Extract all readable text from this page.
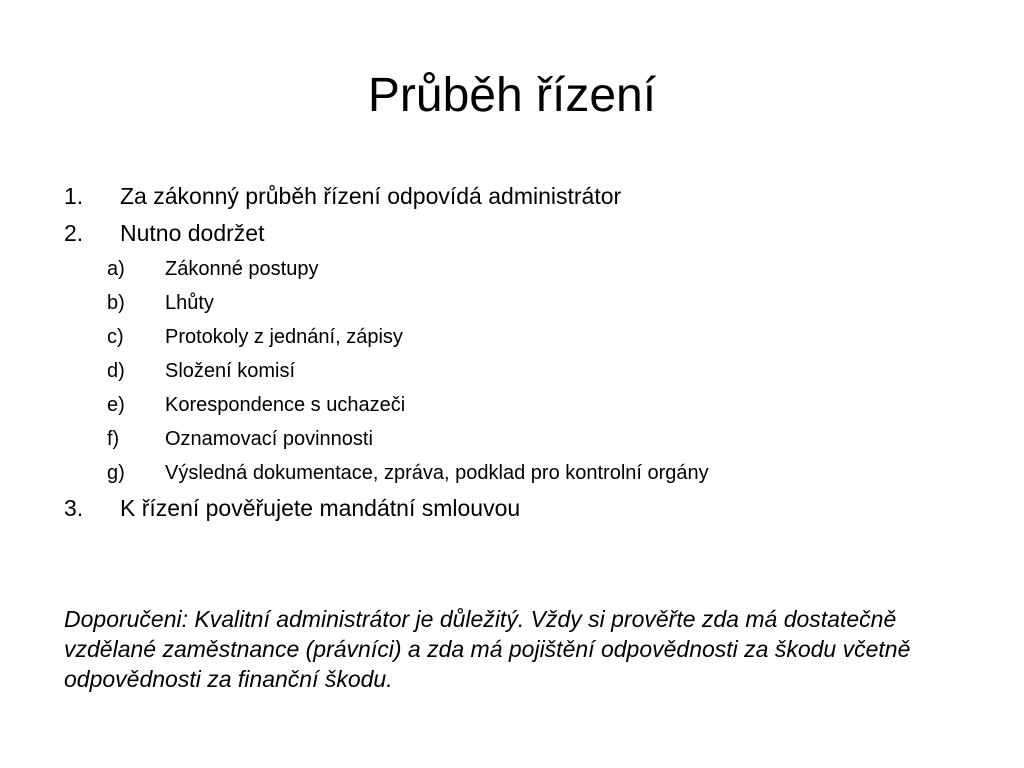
Průběh řízení
1. Za zákonný průběh řízení odpovídá administrátor
2. Nutno dodržet
a) Zákonné postupy
b) Lhůty
c) Protokoly z jednání, zápisy
d) Složení komisí
e) Korespondence s uchazeči
f) Oznamovací povinnosti
g) Výsledná dokumentace, zpráva, podklad pro kontrolní orgány
3. K řízení pověřujete mandátní smlouvou
Doporučeni: Kvalitní administrátor je důležitý. Vždy si prověřte zda má dostatečně vzdělané zaměstnance (právníci) a zda má pojištění odpovědnosti za škodu včetně odpovědnosti za finanční škodu.
